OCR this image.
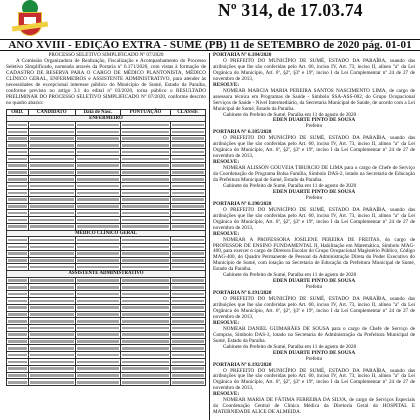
Nº 314, de 17.03.74
ANO XVIII - EDIÇÃO EXTRA - SUMÉ (PB) 11 de SETEMBRO de 2020 pág. 01-01

PROCESSO SELETIVO SIMPLIFICADO Nº 07/2020

A Comissão Organizadora de Realização, Fiscalização e Acompanhamento do Processo Seletivo Simplificado, nomeada através da Portaria nº 6.171/2020, com vistas à formação de CADASTRO DE RESERVA PARA O CARGO DE MÉDICO PLANTONISTA, MÉDICO CLÍNICO GERAL, ENFERMEIROS e ASSISTENTE ADMINISTRATIVO, para atender às necessidades de excepcional interesse público do Município de Sumé, Estado da Paraíba, conforme previsto no artigo 3.1 do edital nº 03/2020, torna público o RESULTADO PRELIMINAR DO PROCESSO SELETIVO SIMPLIFICADO Nº 07/2020, conforme descrito no quadro abaixo:

ORD.	CANDIDATO	Data de Nasc.	PONTUAÇÃO	CLASSIF.
ENFERMEIRO				

MÉDICO CLÍNICO GERAL				

ASSISTENTE ADMINISTRATIVO				

PORTARIA Nº 6.184/2020

O PREFEITO DO MUNICÍPIO DE SUMÉ, ESTADO DA PARAÍBA, usando das atribuições que lhe são conferidas pelo Art. 60, inciso IV, Art. 73, inciso II, alínea "a" da Lei Orgânica do Município, Art. 6º, §2º, §3º e 19º, inciso I da Lei Complementar nº 24 de 27 de novembro de 2013,

RESOLVE:

NOMEAR MARCIA MARIA PEREIRA SANTOS NASCIMENTO LIMA, de cargo de assessora técnica em Programas de Saúde - Símbolo SSA-ASS-002, do Grupo Ocupacional Serviços de Saúde - Nível Intermediário, da Secretaria Municipal de Saúde, de acordo com a Lei Municipal de Sumé, Estado da Paraíba.

Gabinete do Prefeito de Sumé, Paraíba em 11 de agosto de 2020

EDEN DUARTE PINTO DE SOUSA

Prefeito

PORTARIA Nº 6.185/2020

O PREFEITO DO MUNICÍPIO DE SUMÉ, ESTADO DA PARAÍBA, usando das atribuições que lhe são conferidas pelo Art. 60, inciso IV, Art. 73, inciso II, alínea "a" da Lei Orgânica do Município, Art. 6º, §2º, §3º e 19º, inciso I da Lei Complementar nº 24 de 27 de novembro de 2013,

RESOLVE:

NOMEAR ALISSON GOUVEIA TIBURCIO DE LIMA para o cargo de Chefe de Serviço da Coordenação do Programa Bolsa Família, Símbolo DAS-2, lotado na Secretaria de Educação da Prefeitura Municipal de Sumé, Estado da Paraíba.

Gabinete do Prefeito de Sumé, Paraíba em 11 de agosto de 2020

EDEN DUARTE PINTO DE SOUSA

Prefeito

PORTARIA Nº 6.190/2020

O PREFEITO DO MUNICÍPIO DE SUMÉ, ESTADO DA PARAÍBA, usando das atribuições que lhe são conferidas pelo Art. 60, inciso IV, Art. 73, inciso II, alínea "a" da Lei Orgânica do Município, Art. 6º, §2º, §3º e 19º, inciso I da Lei Complementar nº 24 de 27 de novembro de 2013,

RESOLVE:

NOMEAR A PROFESSORA JOSILENE PEREIRA DE FREITAS, do cargo de PROFESSOR DE ENSINO FUNDAMENTAL II, Habilitação em Matemática, Símbolo MAG-400, para exercer o cargo de Diretora Escolar do Grupo Ocupacional Magistério Público, Código MAG-400, do Quadro Permanente de Pessoal da Administração Direta do Poder Executivo do Município de Sumé, com lotação na Secretaria de Educação da Prefeitura Municipal de Sumé, Estado da Paraíba.

Gabinete do Prefeito de Sumé, Paraíba em 11 de agosto de 2020

EDEN DUARTE PINTO DE SOUSA

Prefeito

PORTARIA Nº 6.191/2020

O PREFEITO DO MUNICÍPIO DE SUMÉ, ESTADO DA PARAÍBA, usando das atribuições que lhe são conferidas pelo Art. 60, inciso IV, Art. 73, inciso II, alínea "a" da Lei Orgânica do Município, Art. 6º, §2º, §3º e 19º, inciso I da Lei Complementar nº 24 de 27 de novembro de 2013,

RESOLVE:

NOMEAR DANIEL GUIMARÃES DE SOUSA para o cargo de Chefe de Serviço de Compras, Símbolo DAS-3, lotado na Secretaria de Administração da Prefeitura Municipal de Sumé, Estado da Paraíba.

Gabinete do Prefeito de Sumé, Paraíba em 11 de agosto de 2020

EDEN DUARTE PINTO DE SOUSA

Prefeito

PORTARIA Nº 6.192/2020

O PREFEITO DO MUNICÍPIO DE SUMÉ, ESTADO DA PARAÍBA, usando das atribuições que lhe são conferidas pelo Art. 60, inciso IV, Art. 73, inciso II, alínea "a" da Lei Orgânica do Município, Art. 6º, §2º, §3º e 19º, inciso I da Lei Complementar nº 24 de 27 de novembro de 2013,

RESOLVE:

NOMEAR MARIA DE FÁTIMA FERREIRA DA SILVA, de cargo de Serviços Especiais da Coordenação Central de Clínica Médica da Diretoria Geral do HOSPITAL E MATERNIDADE ALICE DE ALMEIDA.
